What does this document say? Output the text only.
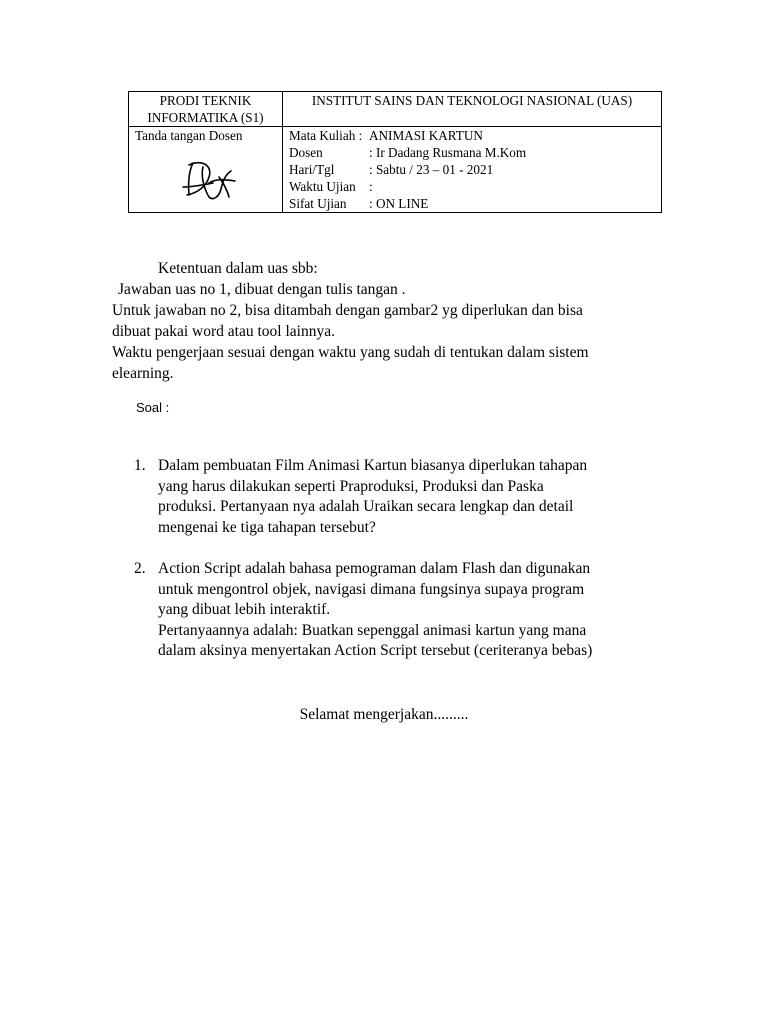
PRODI TEKNIK INFORMATIKA (S1)	INSTITUT SAINS DAN TEKNOLOGI NASIONAL (UAS)

Tanda tangan Dosen	Mata Kuliah : ANIMASI KARTUN
Dosen : Ir Dadang Rusmana M.Kom
Hari/Tgl : Sabtu / 23 – 01 - 2021
Waktu Ujian :
Sifat Ujian : ON LINE

Ketentuan dalam uas sbb:

Jawaban uas no 1, dibuat dengan tulis tangan .

Untuk jawaban no 2, bisa ditambah dengan gambar2 yg diperlukan dan bisa

dibuat pakai word atau tool lainnya.

Waktu pengerjaan sesuai dengan waktu yang sudah di tentukan dalam sistem

elearning.

Soal :
1. Dalam pembuatan Film Animasi Kartun biasanya diperlukan tahapan
yang harus dilakukan seperti Praproduksi, Produksi dan Paska
produksi. Pertanyaan nya adalah Uraikan secara lengkap dan detail
mengenai ke tiga tahapan tersebut?
2. Action Script adalah bahasa pemograman dalam Flash dan digunakan
untuk mengontrol objek, navigasi dimana fungsinya supaya program
yang dibuat lebih interaktif.
Pertanyaannya adalah: Buatkan sepenggal animasi kartun yang mana
dalam aksinya menyertakan Action Script tersebut (ceriteranya bebas)
Selamat mengerjakan.........
